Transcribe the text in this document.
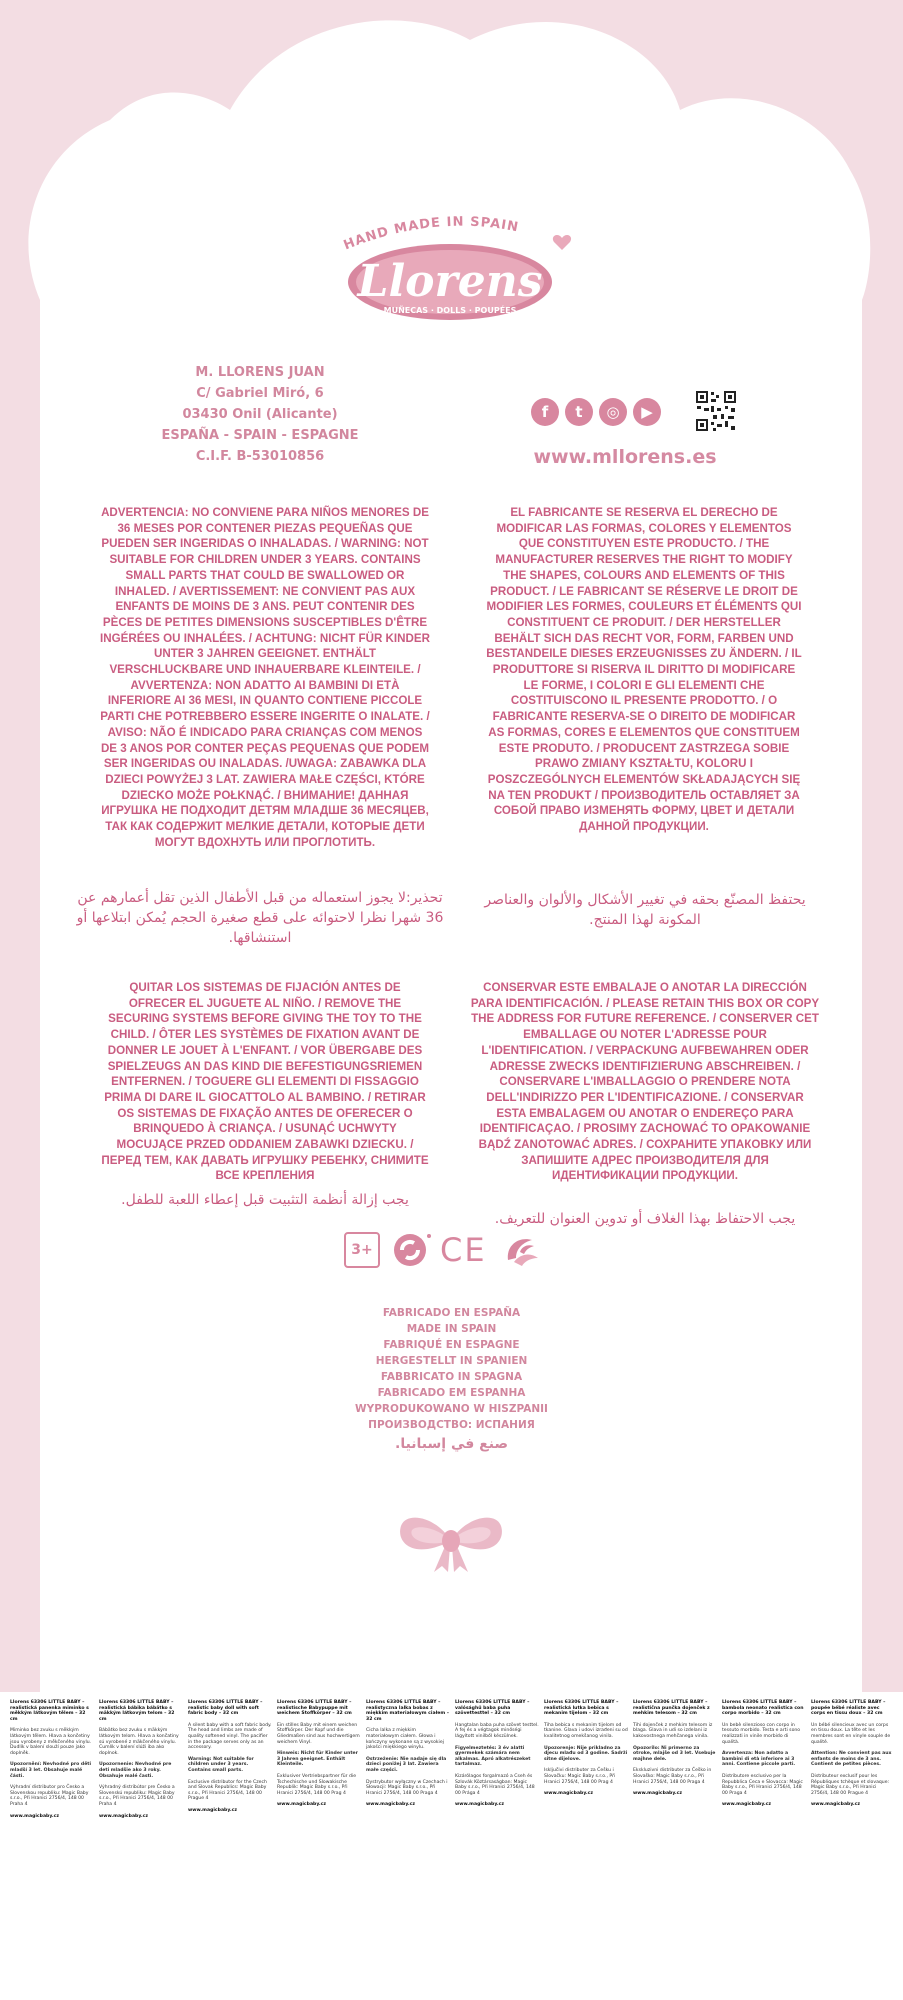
HAND MADE IN SPAIN
Llorens
MUÑECAS · DOLLS · POUPÉES
M. LLORENS JUAN
C/ Gabriel Miró, 6
03430 Onil (Alicante)
ESPAÑA - SPAIN - ESPAGNE
C.I.F. B-53010856
f	t	◎	▶
www.mllorens.es
ADVERTENCIA: NO CONVIENE PARA NIÑOS MENORES DE 36 MESES POR CONTENER PIEZAS PEQUEÑAS QUE PUEDEN SER INGERIDAS O INHALADAS. / WARNING: NOT SUITABLE FOR CHILDREN UNDER 3 YEARS. CONTAINS SMALL PARTS THAT COULD BE SWALLOWED OR INHALED. / AVERTISSEMENT: NE CONVIENT PAS AUX ENFANTS DE MOINS DE 3 ANS. PEUT CONTENIR DES PÈCES DE PETITES DIMENSIONS SUSCEPTIBLES D'ÊTRE INGÉRÉES OU INHALÉES. / ACHTUNG: NICHT FÜR KINDER UNTER 3 JAHREN GEEIGNET. ENTHÄLT VERSCHLUCKBARE UND INHAUERBARE KLEINTEILE. / AVVERTENZA: NON ADATTO AI BAMBINI DI ETÀ INFERIORE AI 36 MESI, IN QUANTO CONTIENE PICCOLE PARTI CHE POTREBBERO ESSERE INGERITE O INALATE. / AVISO: NÃO É INDICADO PARA CRIANÇAS COM MENOS DE 3 ANOS POR CONTER PEÇAS PEQUENAS QUE PODEM SER INGERIDAS OU INALADAS. /UWAGA: ZABAWKA DLA DZIECI POWYŻEJ 3 LAT. ZAWIERA MAŁE CZĘŚCI, KTÓRE DZIECKO MOŻE POŁKNĄĆ. / ВНИМАНИЕ! ДАННАЯ ИГРУШКА НЕ ПОДХОДИТ ДЕТЯМ МЛАДШЕ 36 МЕСЯЦЕВ, ТАК КАК СОДЕРЖИТ МЕЛКИЕ ДЕТАЛИ, КОТОРЫЕ ДЕТИ МОГУТ ВДОХНУТЬ ИЛИ ПРОГЛОТИТЬ.
تحذير:لا يجوز استعماله من قبل الأطفال الذين تقل أعمارهم عن 36 شهرا نظرا لاحتوائه على قطع صغيرة الحجم يُمكن ابتلاعها أو استنشاقها.
EL FABRICANTE SE RESERVA EL DERECHO DE MODIFICAR LAS FORMAS, COLORES Y ELEMENTOS QUE CONSTITUYEN ESTE PRODUCTO. / THE MANUFACTURER RESERVES THE RIGHT TO MODIFY THE SHAPES, COLOURS AND ELEMENTS OF THIS PRODUCT. / LE FABRICANT SE RÉSERVE LE DROIT DE MODIFIER LES FORMES, COULEURS ET ÉLÉMENTS QUI CONSTITUENT CE PRODUIT. / DER HERSTELLER BEHÄLT SICH DAS RECHT VOR, FORM, FARBEN UND BESTANDEILE DIESES ERZEUGNISSES ZU ÄNDERN. / IL PRODUTTORE SI RISERVA IL DIRITTO DI MODIFICARE LE FORME, I COLORI E GLI ELEMENTI CHE COSTITUISCONO IL PRESENTE PRODOTTO. / O FABRICANTE RESERVA-SE O DIREITO DE MODIFICAR AS FORMAS, CORES E ELEMENTOS QUE CONSTITUEM ESTE PRODUTO. / PRODUCENT ZASTRZEGA SOBIE PRAWO ZMIANY KSZTAŁTU, KOLORU I POSZCZEGÓLNYCH ELEMENTÓW SKŁADAJĄCYCH SIĘ NA TEN PRODUKT / ПРОИЗВОДИТЕЛЬ ОСТАВЛЯЕТ ЗА СОБОЙ ПРАВО ИЗМЕНЯТЬ ФОРМУ, ЦВЕТ И ДЕТАЛИ ДАННОЙ ПРОДУКЦИИ.
يحتفظ المصنّع بحقه في تغيير الأشكال والألوان والعناصر المكونة لهذا المنتج.
QUITAR LOS SISTEMAS DE FIJACIÓN ANTES DE OFRECER EL JUGUETE AL NIÑO. / REMOVE THE SECURING SYSTEMS BEFORE GIVING THE TOY TO THE CHILD. / ÔTER LES SYSTÈMES DE FIXATION AVANT DE DONNER LE JOUET À L'ENFANT. / VOR ÜBERGABE DES SPIELZEUGS AN DAS KIND DIE BEFESTIGUNGSRIEMEN ENTFERNEN. / TOGUERE GLI ELEMENTI DI FISSAGGIO PRIMA DI DARE IL GIOCATTOLO AL BAMBINO. / RETIRAR OS SISTEMAS DE FIXAÇÃO ANTES DE OFERECER O BRINQUEDO À CRIANÇA. / USUNĄĆ UCHWYTY MOCUJĄCE PRZED ODDANIEM ZABAWKI DZIECKU. / ПЕРЕД ТЕМ, КАК ДАВАТЬ ИГРУШКУ РЕБЕНКУ, СНИМИТЕ ВСЕ КРЕПЛЕНИЯ
يجب إزالة أنظمة التثبيت قبل إعطاء اللعبة للطفل.
CONSERVAR ESTE EMBALAJE O ANOTAR LA DIRECCIÓN PARA IDENTIFICACIÓN. / PLEASE RETAIN THIS BOX OR COPY THE ADDRESS FOR FUTURE REFERENCE. / CONSERVER CET EMBALLAGE OU NOTER L'ADRESSE POUR L'IDENTIFICATION. / VERPACKUNG AUFBEWAHREN ODER ADRESSE ZWECKS IDENTIFIZIERUNG ABSCHREIBEN. / CONSERVARE L'IMBALLAGGIO O PRENDERE NOTA DELL'INDIRIZZO PER L'IDENTIFICAZIONE. / CONSERVAR ESTA EMBALAGEM OU ANOTAR O ENDEREÇO PARA IDENTIFICAÇAO. / PROSIMY ZACHOWAĆ TO OPAKOWANIE BĄDŹ ZANOTOWAĆ ADRES. / СОХРАНИТЕ УПАКОВКУ ИЛИ ЗАПИШИТЕ АДРЕС ПРОИЗВОДИТЕЛЯ ДЛЯ ИДЕНТИФИКАЦИИ ПРОДУКЦИИ.
يجب الاحتفاظ بهذا الغلاف أو تدوين العنوان للتعريف.
3+ CE
FABRICADO EN ESPAÑA
MADE IN SPAIN
FABRIQUÉ EN ESPAGNE
HERGESTELLT IN SPANIEN
FABBRICATO IN SPAGNA
FABRICADO EM ESPANHA
WYPRODUKOWANO W HISZPANII
ПРОИЗВОДСТВО: ИСПАНИЯ
صنع في إسبانيا.

Llorens 63306 LITTLE BABY – realistická panenka miminko s měkkým látkovým tělem – 32 cm

Miminko bez zvuku s měkkým látkovým tělem. Hlava a končetiny jsou vyrobeny z měkčeného vinylu. Dudlík v balení slouží pouze jako doplněk.

Upozornění: Nevhodné pro děti mladší 3 let. Obsahuje malé části.

Výhradní distributor pro Česko a Slovenskou republiku: Magic Baby s.r.o., Při Hranici 2756/4, 148 00 Praha 4

www.magicbaby.cz

Llorens 63306 LITTLE BABY – realistická bábika bábätko s mäkkým látkovým telom – 32 cm

Bábätko bez zvuku s mäkkým látkovým telom. Hlava a končatiny sú vyrobené z mäkčeného vinylu. Cumlík v balení slúži iba ako doplnok.

Upozornenie: Nevhodné pre deti mladšie ako 3 roky. Obsahuje malé časti.

Výhradný distribútor pre Česko a Slovenskú republiku: Magic Baby s.r.o., Při Hranici 2756/4, 148 00 Praha 4

www.magicbaby.cz

Llorens 63306 LITTLE BABY – realistic baby doll with soft fabric body – 32 cm

A silent baby with a soft fabric body. The head and limbs are made of quality softened vinyl. The pacifier in the package serves only as an accessory.

Warning: Not suitable for children under 3 years. Contains small parts.

Exclusive distributor for the Czech and Slovak Republics: Magic Baby s.r.o., Při Hranici 2756/4, 148 00 Prague 4

www.magicbaby.cz

Llorens 63306 LITTLE BABY – realistische Babypuppe mit weichem Stoffkörper – 32 cm

Ein stilles Baby mit einem weichen Stoffkörper. Der Kopf und die Gliedmaßen sind aus hochwertigem weichem Vinyl.

Hinweis: Nicht für Kinder unter 3 Jahren geeignet. Enthält Kleinteile.

Exklusiver Vertriebspartner für die Tschechische und Slowakische Republik: Magic Baby s.r.o., Při Hranici 2756/4, 148 00 Prag 4

www.magicbaby.cz

Llorens 63306 LITTLE BABY – realistyczna lalka bobas z miękkim materiałowym ciałem – 32 cm

Cicha lalka z miękkim materiałowym ciałem. Głowa i kończyny wykonane są z wysokiej jakości miękkiego winylu.

Ostrzeżenie: Nie nadaje się dla dzieci poniżej 3 lat. Zawiera małe części.

Dystrybutor wyłączny w Czechach i Słowacji: Magic Baby s.r.o., Při Hranici 2756/4, 148 00 Praga 4

www.magicbaby.cz

Llorens 63306 LITTLE BABY – valósághű baba puha szövettesttel – 32 cm

Hangtalan baba puha szövet testtel. A fej és a végtagok minőségi lágyított vinilből készülnek.

Figyelmeztetés: 3 év alatti gyermekek számára nem alkalmas. Apró alkatrészeket tartalmaz.

Kizárólagos forgalmazó a Cseh és Szlovák Köztársaságban: Magic Baby s.r.o., Při Hranici 2756/4, 148 00 Prága 4

www.magicbaby.cz

Llorens 63306 LITTLE BABY – realistická lutka bebica s mekanim tijelom – 32 cm

Tiha bebica s mekanim tijelom od tkanine. Glava i udovi izrađeni su od kvalitetnog omekšanog vinila.

Upozorenje: Nije prikladno za djecu mlađu od 3 godine. Sadrži sitne dijelove.

Isključivi distributer za Češku i Slovačku: Magic Baby s.r.o., Při Hranici 2756/4, 148 00 Prag 4

www.magicbaby.cz

Llorens 63306 LITTLE BABY – realistična punčka dojenček z mehkim telesom – 32 cm

Tihi dojenček z mehkim telesom iz blaga. Glava in udi so izdelani iz kakovostnega mehčanega vinila.

Opozorilo: Ni primerno za otroke, mlajše od 3 let. Vsebuje majhne dele.

Ekskluzivni distributer za Češko in Slovaško: Magic Baby s.r.o., Při Hranici 2756/4, 148 00 Praga 4

www.magicbaby.cz

Llorens 63306 LITTLE BABY – bambola neonato realistica con corpo morbido – 32 cm

Un bebè silenzioso con corpo in tessuto morbido. Testa e arti sono realizzati in vinile morbido di qualità.

Avvertenza: Non adatto a bambini di età inferiore ai 3 anni. Contiene piccole parti.

Distributore esclusivo per la Repubblica Ceca e Slovacca: Magic Baby s.r.o., Při Hranici 2756/4, 148 00 Praga 4

www.magicbaby.cz

Llorens 63306 LITTLE BABY – poupée bébé réaliste avec corps en tissu doux – 32 cm

Un bébé silencieux avec un corps en tissu doux. La tête et les membres sont en vinyle souple de qualité.

Attention: Ne convient pas aux enfants de moins de 3 ans. Contient de petites pièces.

Distributeur exclusif pour les Républiques tchèque et slovaque: Magic Baby s.r.o., Při Hranici 2756/4, 148 00 Prague 4

www.magicbaby.cz
